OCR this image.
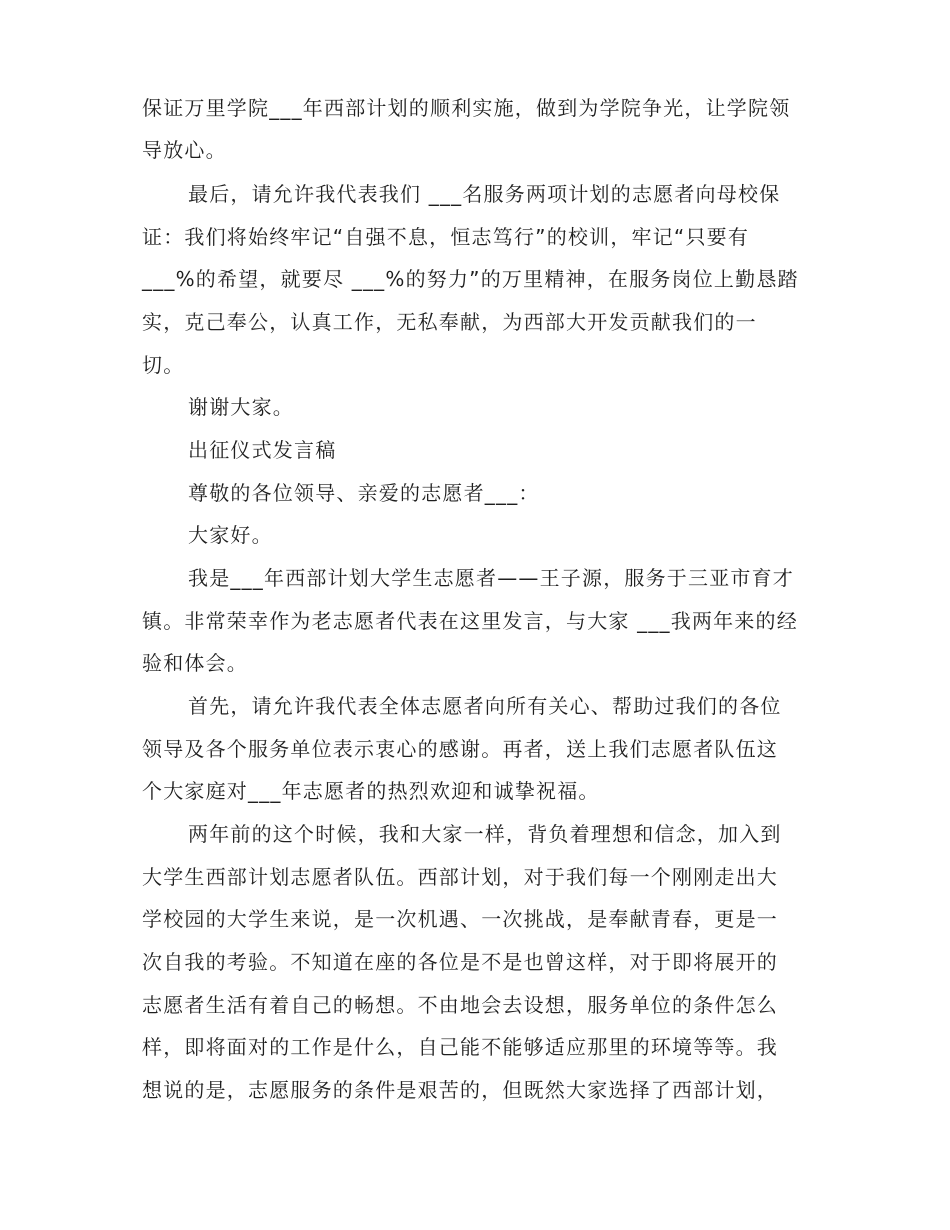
保证万里学院___年西部计划的顺利实施，做到为学院争光，让学院领
导放心。
最后，请允许我代表我们 ___名服务两项计划的志愿者向母校保
证：我们将始终牢记“自强不息，恒志笃行”的校训，牢记“只要有
___%的希望，就要尽 ___%的努力”的万里精神，在服务岗位上勤恳踏
实，克己奉公，认真工作，无私奉献，为西部大开发贡献我们的一
切。
谢谢大家。
出征仪式发言稿
尊敬的各位领导、亲爱的志愿者___：
大家好。
我是___年西部计划大学生志愿者——王子源，服务于三亚市育才
镇。非常荣幸作为老志愿者代表在这里发言，与大家 ___我两年来的经
验和体会。
首先，请允许我代表全体志愿者向所有关心、帮助过我们的各位
领导及各个服务单位表示衷心的感谢。再者，送上我们志愿者队伍这
个大家庭对___年志愿者的热烈欢迎和诚挚祝福。
两年前的这个时候，我和大家一样，背负着理想和信念，加入到
大学生西部计划志愿者队伍。西部计划，对于我们每一个刚刚走出大
学校园的大学生来说，是一次机遇、一次挑战，是奉献青春，更是一
次自我的考验。不知道在座的各位是不是也曾这样，对于即将展开的
志愿者生活有着自己的畅想。不由地会去设想，服务单位的条件怎么
样，即将面对的工作是什么，自己能不能够适应那里的环境等等。我
想说的是，志愿服务的条件是艰苦的，但既然大家选择了西部计划，
